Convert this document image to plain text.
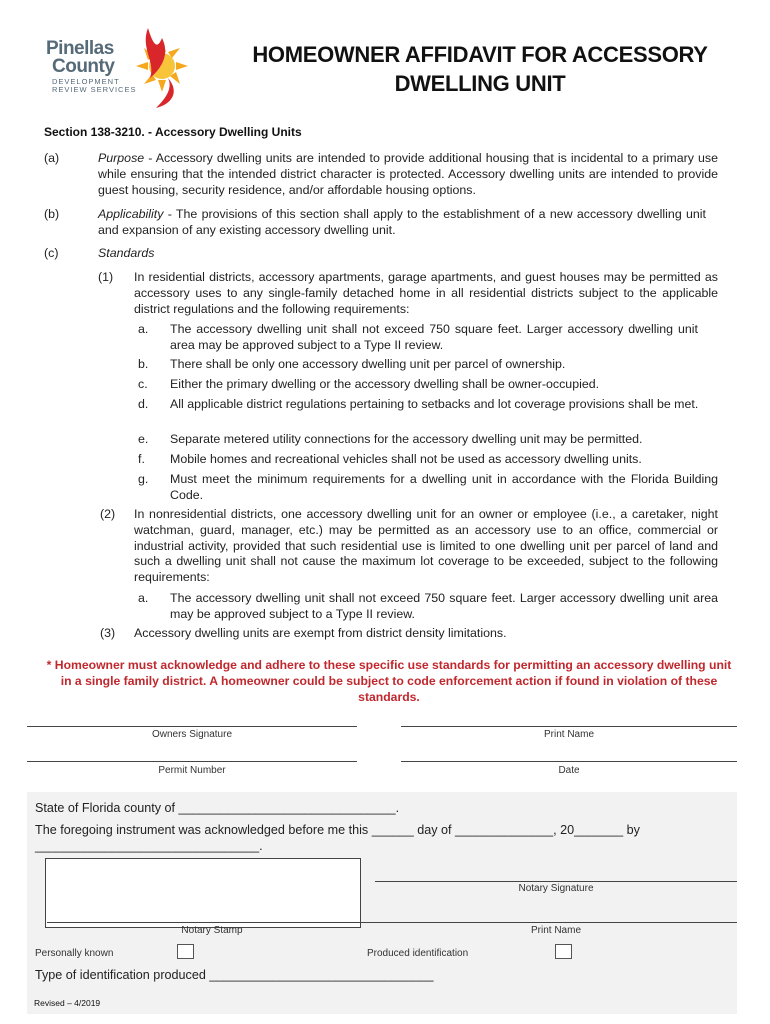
Pinellas
County
DEVELOPMENT
REVIEW SERVICES
HOMEOWNER AFFIDAVIT FOR ACCESSORY
DWELLING UNIT
Section 138-3210. - Accessory Dwelling Units
(a)	Purpose - Accessory dwelling units are intended to provide additional housing that is incidental to a primary use while ensuring that the intended district character is protected. Accessory dwelling units are intended to provide guest housing, security residence, and/or affordable housing options.
(b)	Applicability - The provisions of this section shall apply to the establishment of a new accessory dwelling unit and expansion of any existing accessory dwelling unit.
(c)	Standards
(1) In residential districts, accessory apartments, garage apartments, and guest houses may be permitted as accessory uses to any single-family detached home in all residential districts subject to the applicable district regulations and the following requirements:
a. The accessory dwelling unit shall not exceed 750 square feet. Larger accessory dwelling unit area may be approved subject to a Type II review.
b. There shall be only one accessory dwelling unit per parcel of ownership.
c. Either the primary dwelling or the accessory dwelling shall be owner-occupied.
d. All applicable district regulations pertaining to setbacks and lot coverage provisions shall be met.
e. Separate metered utility connections for the accessory dwelling unit may be permitted.
f. Mobile homes and recreational vehicles shall not be used as accessory dwelling units.
g. Must meet the minimum requirements for a dwelling unit in accordance with the Florida Building Code.
(2) In nonresidential districts, one accessory dwelling unit for an owner or employee (i.e., a caretaker, night watchman, guard, manager, etc.) may be permitted as an accessory use to an office, commercial or industrial activity, provided that such residential use is limited to one dwelling unit per parcel of land and such a dwelling unit shall not cause the maximum lot coverage to be exceeded, subject to the following requirements:
a. The accessory dwelling unit shall not exceed 750 square feet. Larger accessory dwelling unit area may be approved subject to a Type II review.
(3) Accessory dwelling units are exempt from district density limitations.
* Homeowner must acknowledge and adhere to these specific use standards for permitting an accessory dwelling unit in a single family district. A homeowner could be subject to code enforcement action if found in violation of these standards.
Owners Signature	Print Name
Permit Number	Date
State of Florida county of _______________________________.
The foregoing instrument was acknowledged before me this ______ day of ______________, 20_______ by
________________________________.
Notary Signature
Notary Stamp	Print Name
Personally known	Produced identification
Type of identification produced ________________________________
Revised – 4/2019
